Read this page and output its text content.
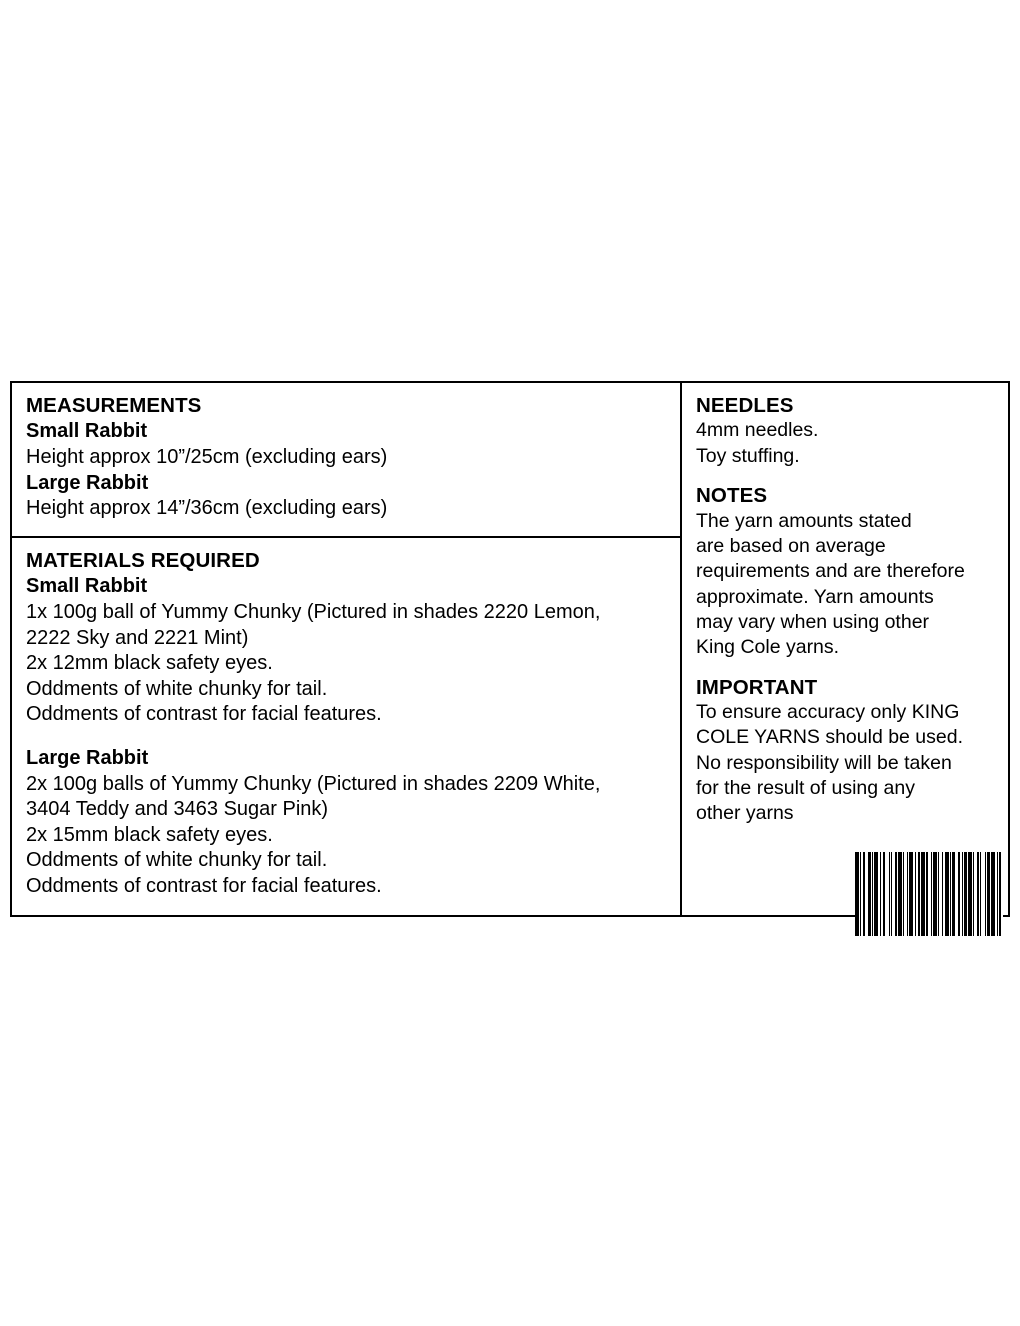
MEASUREMENTS
Small Rabbit

Height approx 10”/25cm (excluding ears)

Large Rabbit

Height approx 14”/36cm (excluding ears)

MATERIALS REQUIRED
Small Rabbit

1x 100g ball of Yummy Chunky (Pictured in shades 2220 Lemon,

2222 Sky and 2221 Mint)

2x 12mm black safety eyes.

Oddments of white chunky for tail.

Oddments of contrast for facial features.

Large Rabbit

2x 100g balls of Yummy Chunky (Pictured in shades 2209 White,

3404 Teddy and 3463 Sugar Pink)

2x 15mm black safety eyes.

Oddments of white chunky for tail.

Oddments of contrast for facial features.

NEEDLES

4mm needles.

Toy stuffing.

NOTES

The yarn amounts stated

are based on average

requirements and are therefore

approximate. Yarn amounts

may vary when using other

King Cole yarns.

IMPORTANT

To ensure accuracy only KING

COLE YARNS should be used.

No responsibility will be taken

for the result of using any

other yarns
